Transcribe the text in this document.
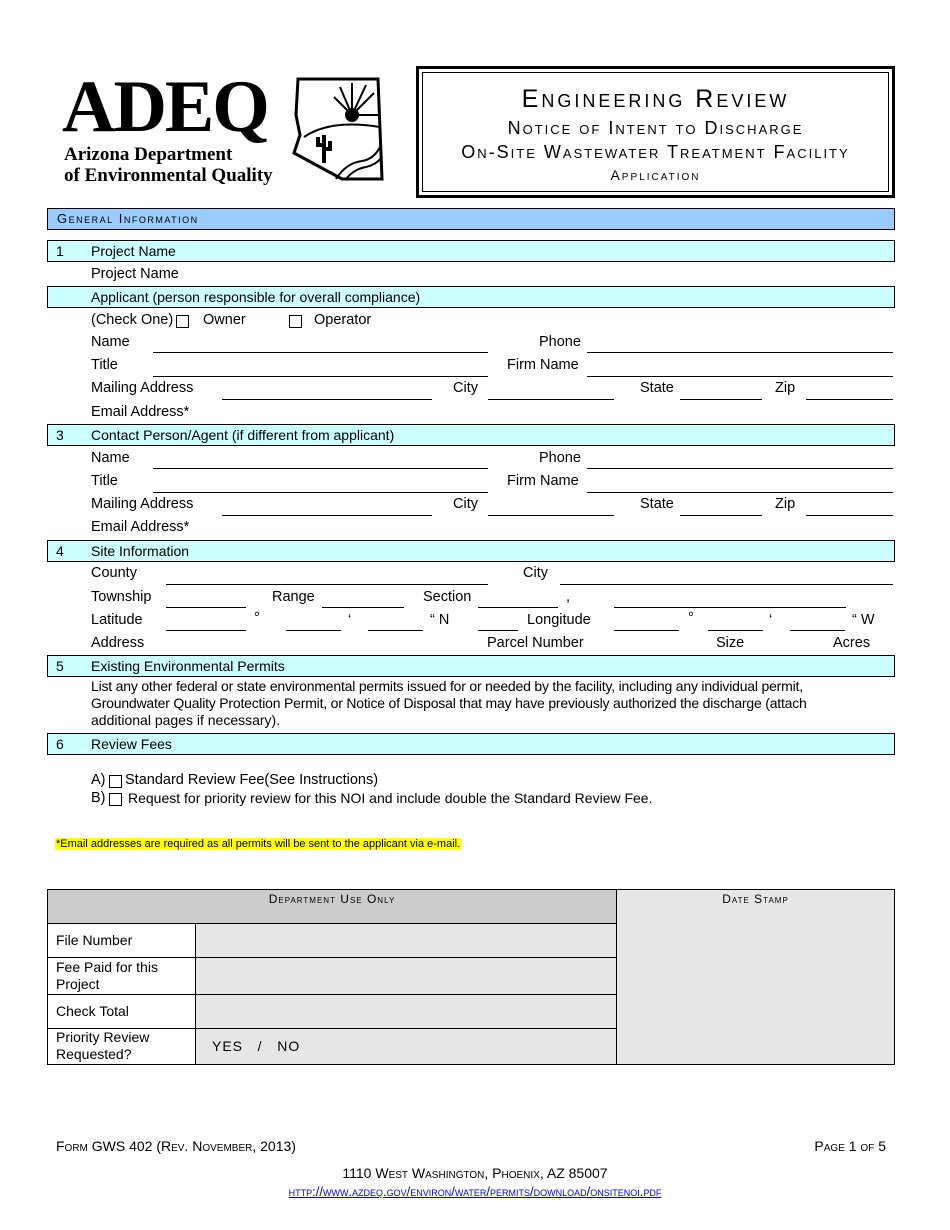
ADEQ
Arizona Department
of Environmental Quality
Engineering Review
Notice of Intent to Discharge
On-Site Wastewater Treatment Facility
Application
General Information
1 Project Name
Project Name
Applicant (person responsible for overall compliance)
(Check One) Owner	Operator
Name	Phone
Title	Firm Name
Mailing Address	City	State	Zip
Email Address*
3 Contact Person/Agent (if different from applicant)
Name	Phone
Title	Firm Name
Mailing Address	City	State	Zip
Email Address*
4 Site Information
County	City
Township	Range	Section	,
Latitude	°	‘	“ N	Longitude	°	‘	“ W
Address	Parcel Number	Size	Acres
5 Existing Environmental Permits
List any other federal or state environmental permits issued for or needed by the facility, including any individual permit,
Groundwater Quality Protection Permit, or Notice of Disposal that may have previously authorized the discharge (attach
additional pages if necessary).
6 Review Fees
A) Standard Review Fee(See Instructions)
B) Request for priority review for this NOI and include double the Standard Review Fee.
*Email addresses are required as all permits will be sent to the applicant via e-mail.
Department Use Only	Date Stamp
File Number
Fee Paid for this
Project
Check Total
Priority Review
Requested?	YES   /   NO
Form GWS 402 (Rev. November, 2013)	Page 1 of 5
1110 West Washington, Phoenix, AZ 85007
http://www.azdeq.gov/environ/water/permits/download/onsitenoi.pdf
